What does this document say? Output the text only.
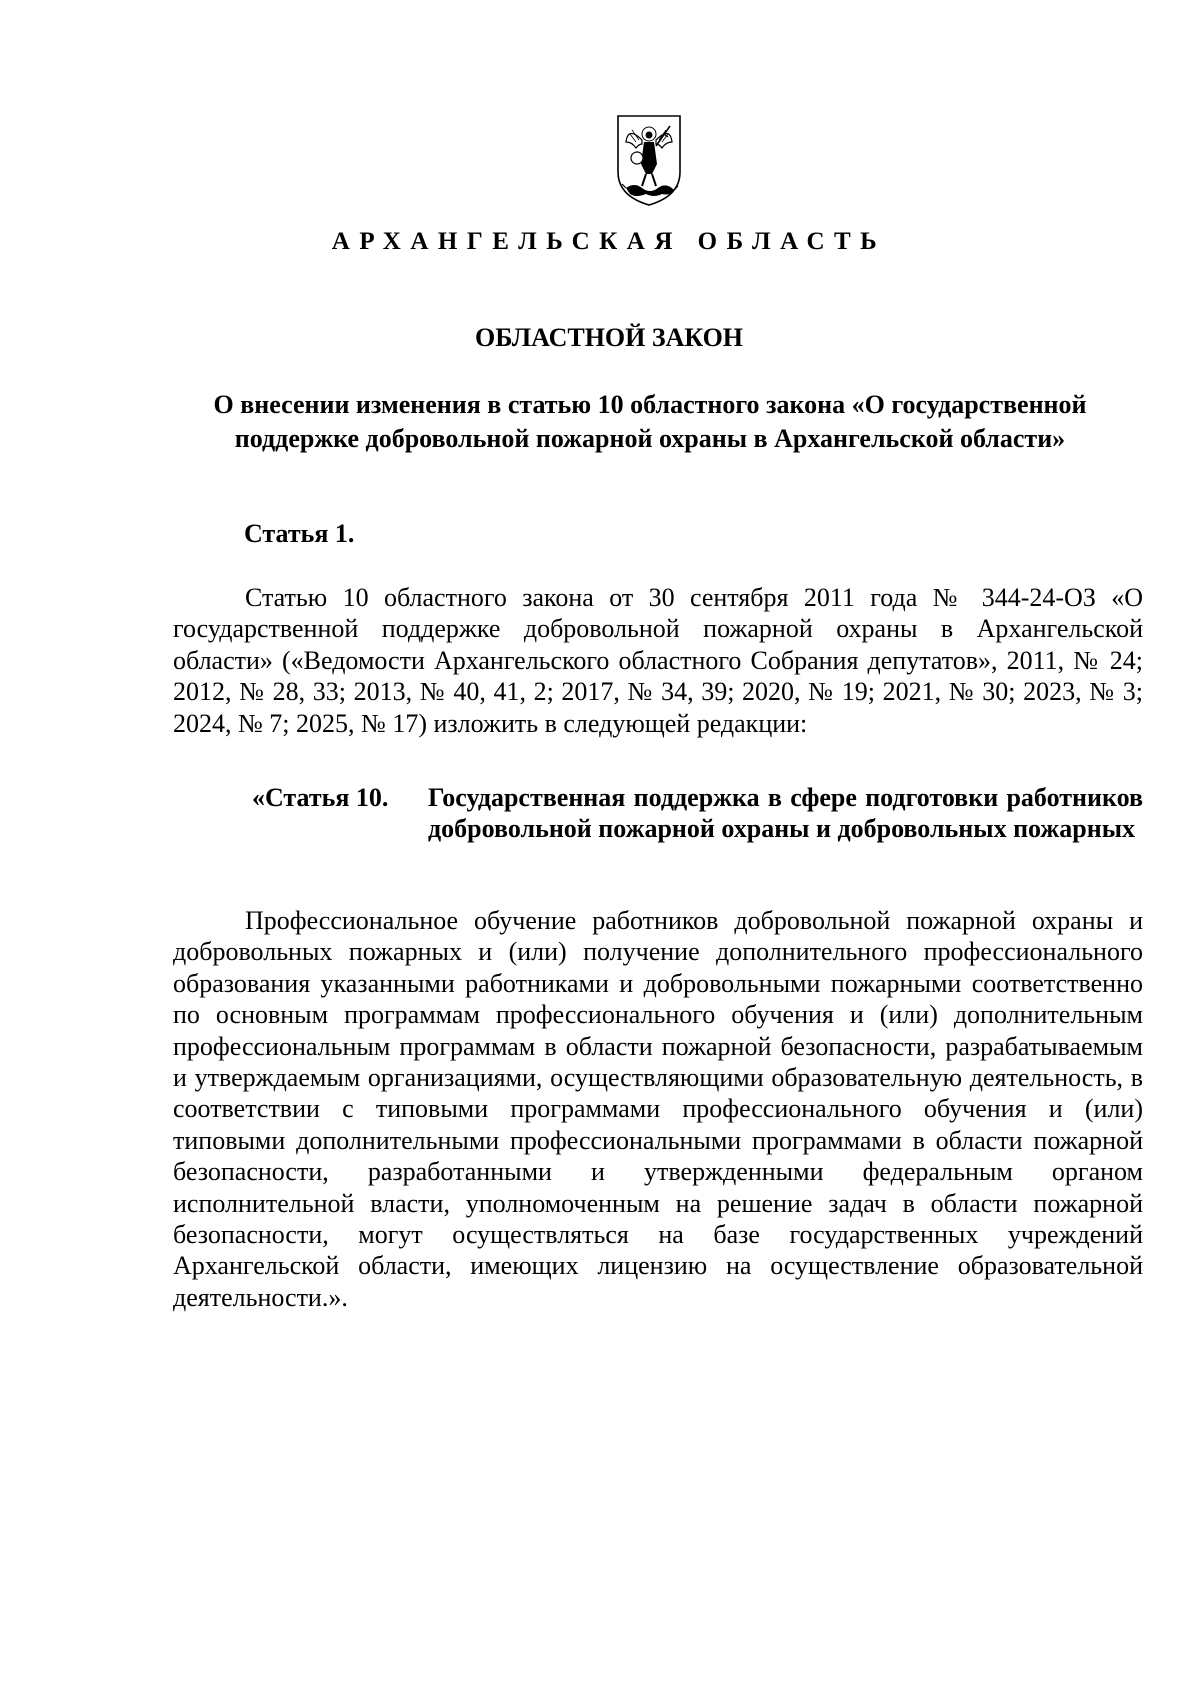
АРХАНГЕЛЬСКАЯ ОБЛАСТЬ
ОБЛАСТНОЙ ЗАКОН
О внесении изменения в статью 10 областного закона «О государственной поддержке добровольной пожарной охраны в Архангельской области»
Статья 1.

Статью 10 областного закона от 30 сентября 2011 года № 344-24-ОЗ «О государственной поддержке добровольной пожарной охраны в Архангельской области» («Ведомости Архангельского областного Собрания депутатов», 2011, № 24; 2012, № 28, 33; 2013, № 40, 41, 2; 2017, № 34, 39; 2020, № 19; 2021, № 30; 2023, № 3; 2024, № 7; 2025, № 17) изложить в следующей редакции:

«Статья 10.	Государственная поддержка в сфере подготовки работников добровольной пожарной охраны и добровольных пожарных

Профессиональное обучение работников добровольной пожарной охраны и добровольных пожарных и (или) получение дополнительного профессионального образования указанными работниками и добровольными пожарными соответственно по основным программам профессионального обучения и (или) дополнительным профессиональным программам в области пожарной безопасности, разрабатываемым и утверждаемым организациями, осуществляющими образовательную деятельность, в соответствии с типовыми программами профессионального обучения и (или) типовыми дополнительными профессиональными программами в области пожарной безопасности, разработанными и утвержденными федеральным органом исполнительной власти, уполномоченным на решение задач в области пожарной безопасности, могут осуществляться на базе государственных учреждений Архангельской области, имеющих лицензию на осуществление образовательной деятельности.».
